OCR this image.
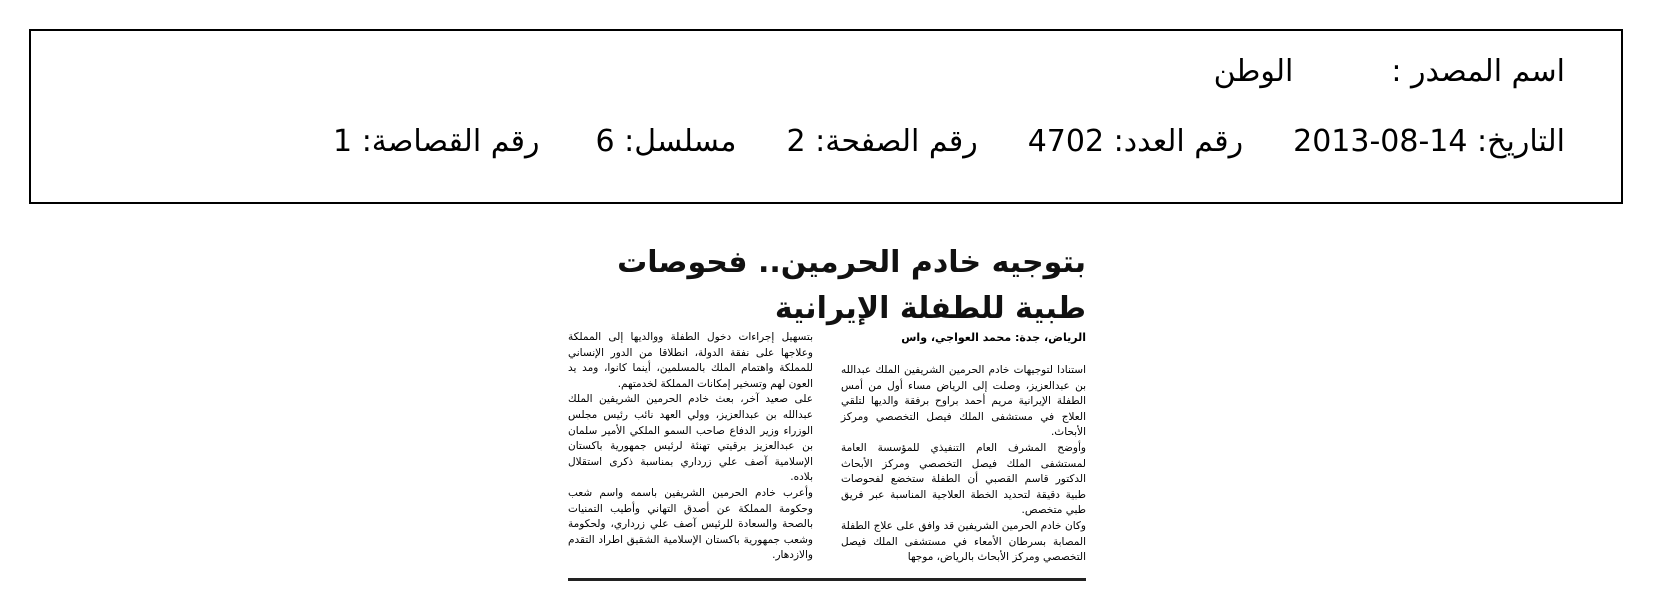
اسم المصدر :الوطن
التاريخ: 2013-08-14رقم العدد: 4702رقم الصفحة: 2مسلسل: 6رقم القصاصة: 1
بتوجيه خادم الحرمين.. فحوصات طبية للطفلة الإيرانية
الرياض، جدة: محمد العواجي، واس

استنادا لتوجيهات خادم الحرمين الشريفين الملك عبدالله بن عبدالعزيز، وصلت إلى الرياض مساء أول من أمس الطفلة الإيرانية مريم أحمد براوح برفقة والديها لتلقي العلاج في مستشفى الملك فيصل التخصصي ومركز الأبحاث.

وأوضح المشرف العام التنفيذي للمؤسسة العامة لمستشفى الملك فيصل التخصصي ومركز الأبحاث الدكتور قاسم القصبي أن الطفلة ستخضع لفحوصات طبية دقيقة لتحديد الخطة العلاجية المناسبة عبر فريق طبي متخصص.

وكان خادم الحرمين الشريفين قد وافق على علاج الطفلة المصابة بسرطان الأمعاء في مستشفى الملك فيصل التخصصي ومركز الأبحاث بالرياض، موجها

بتسهيل إجراءات دخول الطفلة ووالديها إلى المملكة وعلاجها على نفقة الدولة، انطلاقا من الدور الإنساني للمملكة واهتمام الملك بالمسلمين، أينما كانوا، ومد يد العون لهم وتسخير إمكانات المملكة لخدمتهم.

على صعيد آخر، بعث خادم الحرمين الشريفين الملك عبدالله بن عبدالعزيز، وولي العهد نائب رئيس مجلس الوزراء وزير الدفاع صاحب السمو الملكي الأمير سلمان بن عبدالعزيز برقيتي تهنئة لرئيس جمهورية باكستان الإسلامية آصف علي زرداري بمناسبة ذكرى استقلال بلاده.

وأعرب خادم الحرمين الشريفين باسمه واسم شعب وحكومة المملكة عن أصدق التهاني وأطيب التمنيات بالصحة والسعادة للرئيس آصف علي زرداري، ولحكومة وشعب جمهورية باكستان الإسلامية الشقيق اطراد التقدم والازدهار.
